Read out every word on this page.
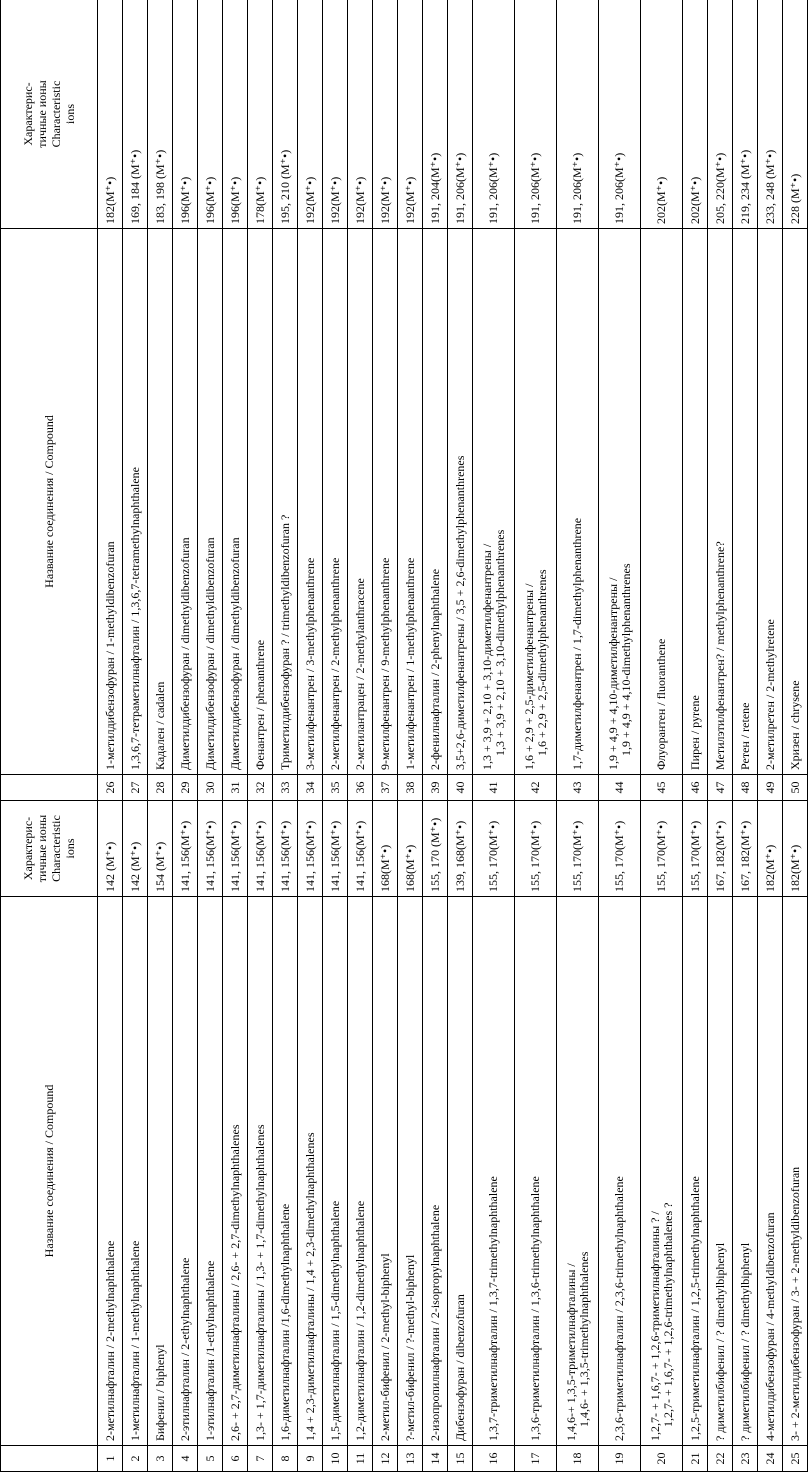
	Название соединения / Compound	Характерис- тичные ионы Characteristic ions		Название соединения / Compound	Характерис- тичные ионы Characteristic ions

1	2-метилнафталин / 2-methylnaphthalene	142 (M⁺•)	26	1-метилдибензофуран / 1-methyldibenzofuran	182(M⁺•)
2	1-метилнафталин / 1-methylnaphthalene	142 (M⁺•)	27	1,3,6,7-тетраметилнафталин / 1,3,6,7-tetramethylnaphthalene	169, 184 (M⁺•)
3	Бифенил / biphenyl	154 (M⁺•)	28	Кадален / cadalen	183, 198 (M⁺•)
4	2-этилнафталин / 2-ethylnaphthalene	141, 156(M⁺•)	29	Диметилдибензофуран / dimethyldibenzofuran	196(M⁺•)
5	1-этилнафталин /1-ethylnaphthalene	141, 156(M⁺•)	30	Диметилдибензофуран / dimethyldibenzofuran	196(M⁺•)
6	2,6- + 2,7-диметилнафталины / 2,6- + 2,7-dimethylnaphthalenes	141, 156(M⁺•)	31	Диметилдибензофуран / dimethyldibenzofuran	196(M⁺•)
7	1,3- + 1,7-диметилнафталины / 1,3- + 1,7-dimethylnaphthalenes	141, 156(M⁺•)	32	Фенантрен / phenanthrene	178(M⁺•)
8	1,6-диметилнафталин /1,6-dimethylnaphthalene	141, 156(M⁺•)	33	Триметилдибензофуран ? / trimethyldibenzofuran ?	195, 210 (M⁺•)
9	1,4 + 2,3-диметилнафталины / 1,4 + 2,3-dimethylnaphthalenes	141, 156(M⁺•)	34	3-метилфенантрен / 3-methylphenanthrene	192(M⁺•)
10	1,5-диметилнафталин / 1,5-dimethylnaphthalene	141, 156(M⁺•)	35	2-метилфенантрен / 2-methylphenanthrene	192(M⁺•)
11	1,2-диметилнафталин / 1,2-dimethylnaphthalene	141, 156(M⁺•)	36	2-метилантрацен / 2-methylanthracene	192(M⁺•)
12	2-метил-бифенил / 2-methyl-biphenyl	168(M⁺•)	37	9-метилфенантрен / 9-methylphenanthrene	192(M⁺•)
13	?-метил-бифенил / ?-methyl-biphenyl	168(M⁺•)	38	1-метилфенантрен / 1-methylphenanthrene	192(M⁺•)
14	2-изопропилнафталин / 2-isopropylnaphthalene	155, 170 (M⁺•)	39	2-фенилнафталин / 2-phenylnaphthalene	191, 204(M⁺•)
15	Дибензофуран / dibenzofuran	139, 168(M⁺•)	40	3,5+2,6-диметилфенантрены / 3,5 + 2,6-dimethylphenanthrenes	191, 206(M⁺•)
16	1,3,7-триметилнафталин / 1,3,7-trimethylnaphthalene	155, 170(M⁺•)	41	1,3 + 3,9 + 2,10 + 3,10-диметилфенантрены / 1,3 + 3,9 + 2,10 + 3,10-dimethylphenanthrenes	191, 206(M⁺•)
17	1,3,6-триметилнафталин / 1,3,6-trimethylnaphthalene	155, 170(M⁺•)	42	1,6 + 2,9 + 2,5-диметилфенантрены / 1,6 + 2,9 + 2,5-dimethylphenanthrenes	191, 206(M⁺•)
18	1,4,6-+ 1,3,5-триметилнафталины / 1,4,6- + 1,3,5-trimethylnaphthalenes	155, 170(M⁺•)	43	1,7-диметилфенантрен / 1,7-dimethylphenanthrene	191, 206(M⁺•)
19	2,3,6-триметилнафталин / 2,3,6-trimethylnaphthalene	155, 170(M⁺•)	44	1,9 + 4,9 + 4,10-диметилфенантрены / 1,9 + 4,9 + 4,10-dimethylphenanthrenes	191, 206(M⁺•)
20	1,2,7- + 1,6,7- + 1,2,6-триметилнафталины ? / 1,2,7- + 1,6,7- + 1,2,6-trimethylnaphthalenes ?	155, 170(M⁺•)	45	Флуорантен / fluoranthene	202(M⁺•)
21	1,2,5-триметилнафталин / 1,2,5-trimethylnaphthalene	155, 170(M⁺•)	46	Пирен / pyrene	202(M⁺•)
22	? диметилбифенил / ? dimethylbiphenyl	167, 182(M⁺•)	47	Метилэтилфенантрен? / methylphenanthrene?	205, 220(M⁺•)
23	? диметилбифенил / ? dimethylbiphenyl	167, 182(M⁺•)	48	Ретен / retene	219, 234 (M⁺•)
24	4-метилдибензофуран / 4-methyldibenzofuran	182(M⁺•)	49	2-метилретен / 2-methylretene	233, 248 (M⁺•)
25	3- + 2-метилдибензофуран / 3- + 2-methyldibenzofuran	182(M⁺•)	50	Хризен / chrysene	228 (M⁺•)
